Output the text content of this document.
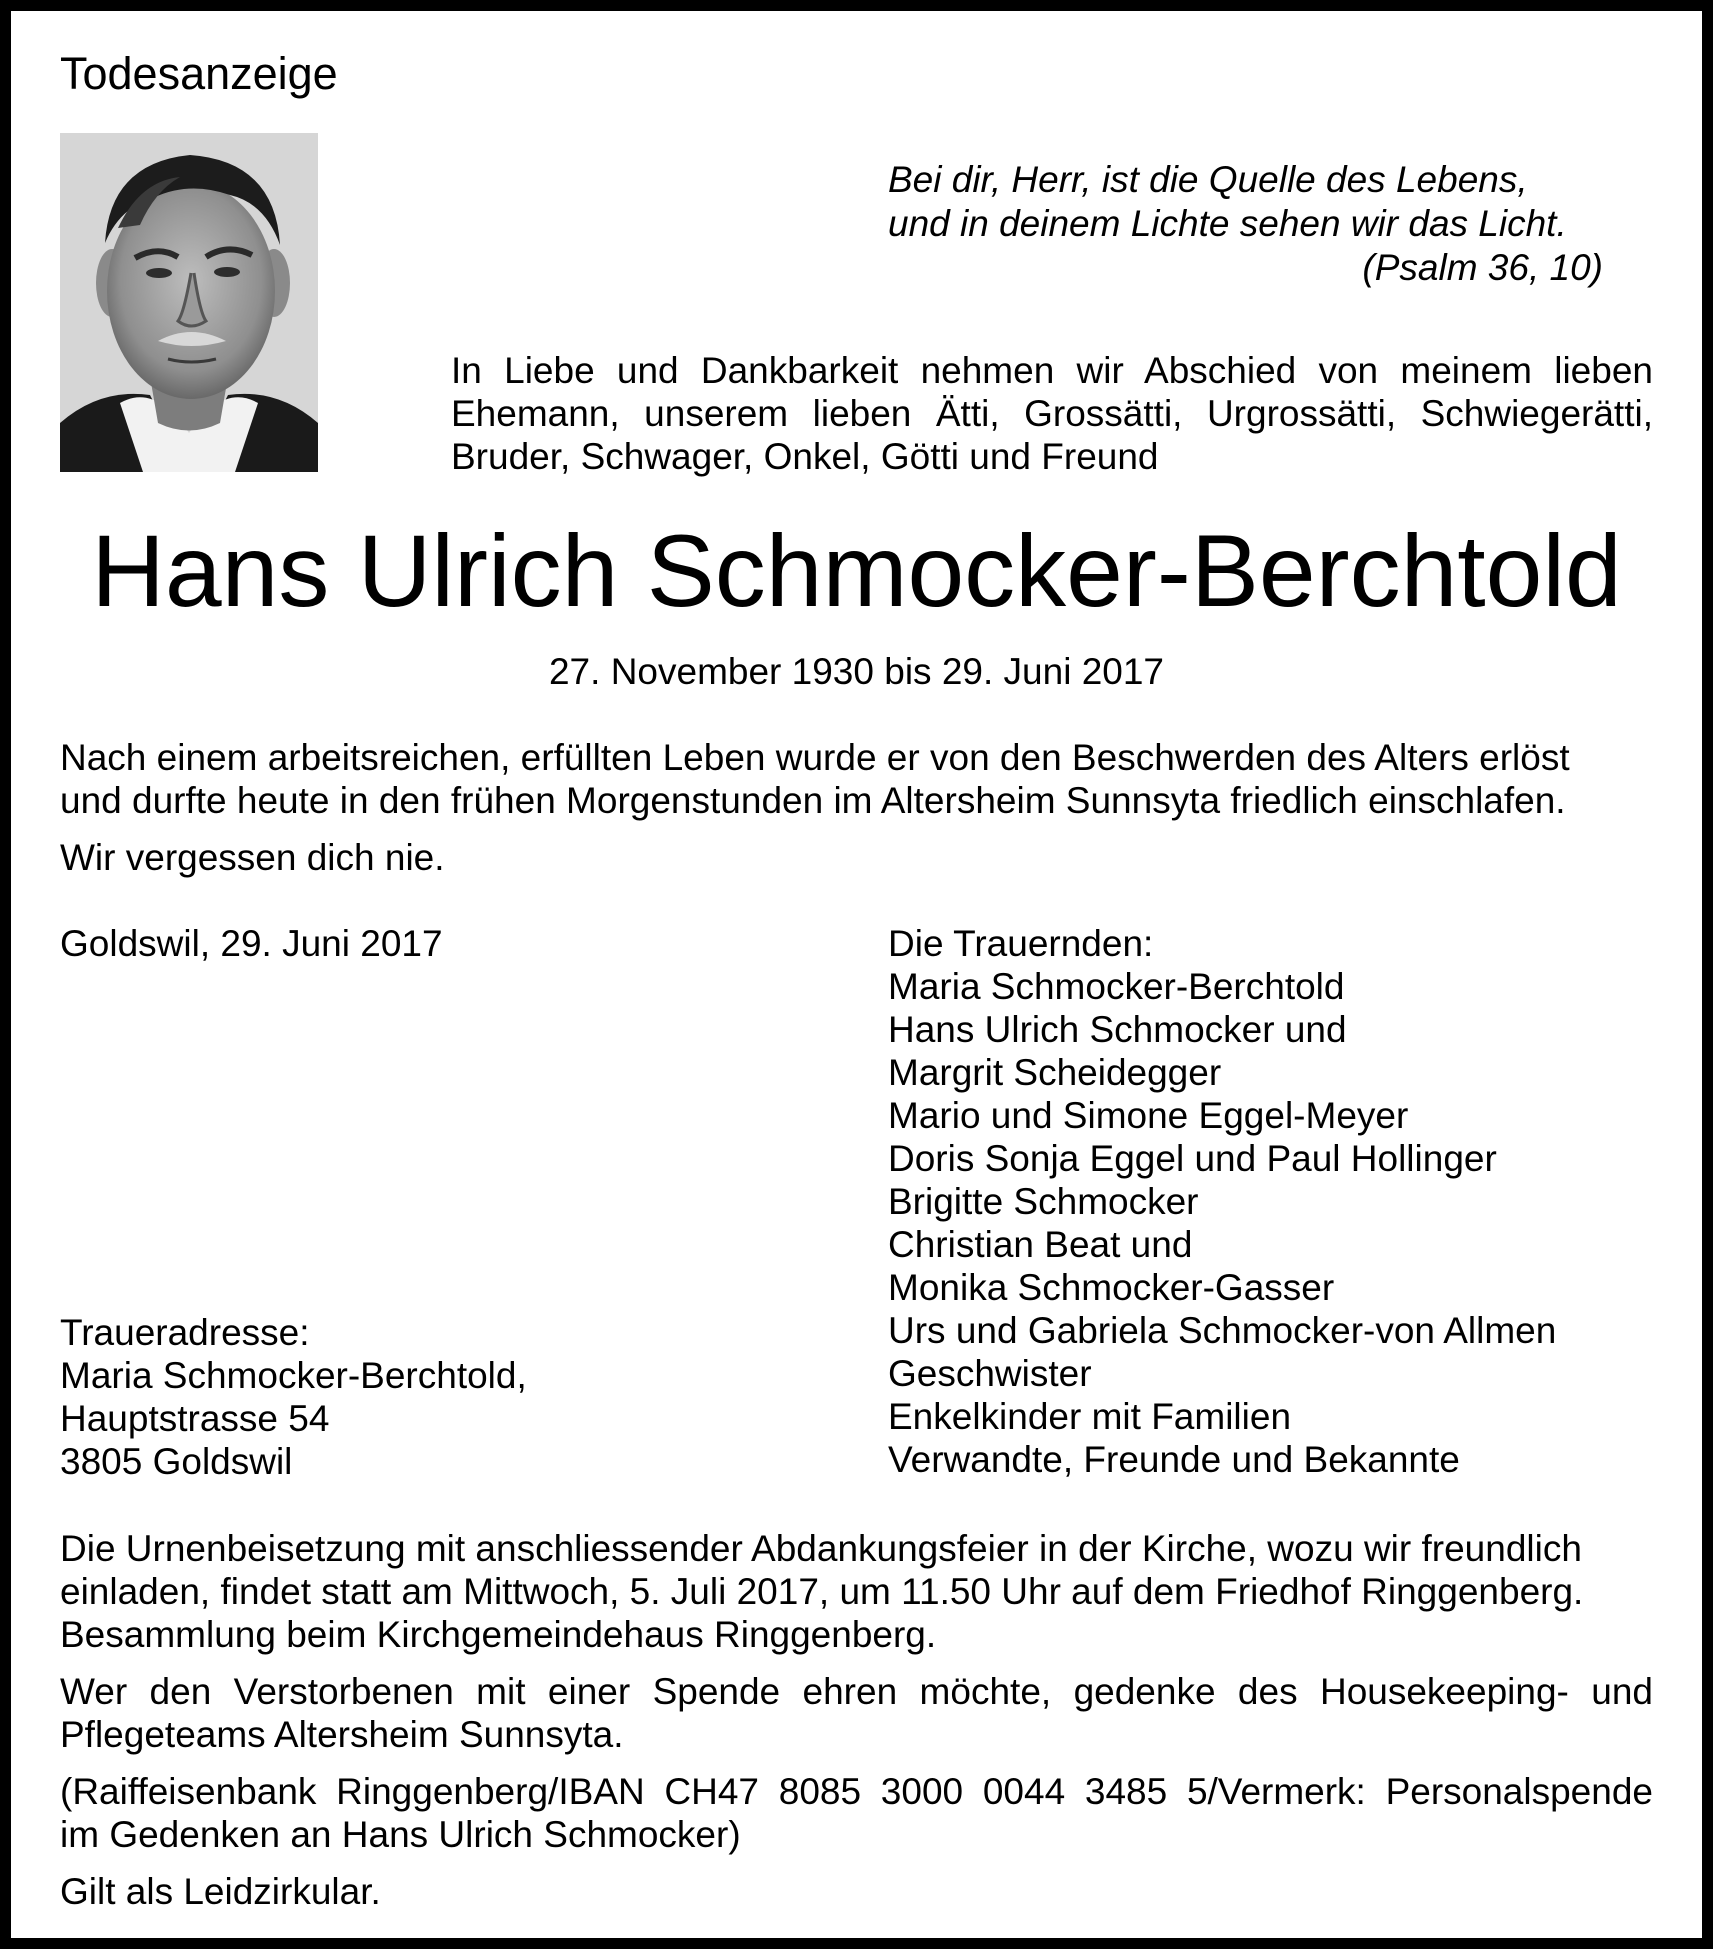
Todesanzeige
Bei dir, Herr, ist die Quelle des Lebens,
und in deinem Lichte sehen wir das Licht.
(Psalm 36, 10)
In Liebe und Dankbarkeit nehmen wir Abschied von meinem lieben
Ehemann, unserem lieben Ätti, Grossätti, Urgrossätti, Schwiegerätti,
Bruder, Schwager, Onkel, Götti und Freund
Hans Ulrich Schmocker-Berchtold
27. November 1930 bis 29. Juni 2017
Nach einem arbeitsreichen, erfüllten Leben wurde er von den Beschwerden des Alters erlöst
und durfte heute in den frühen Morgenstunden im Altersheim Sunnsyta friedlich einschlafen.
Wir vergessen dich nie.
Goldswil, 29. Juni 2017	Die Trauernden:
Maria Schmocker-Berchtold
Hans Ulrich Schmocker und
Margrit Scheidegger
Mario und Simone Eggel-Meyer
Doris Sonja Eggel und Paul Hollinger
Brigitte Schmocker
Christian Beat und
Monika Schmocker-Gasser
Urs und Gabriela Schmocker-von Allmen
Geschwister
Enkelkinder mit Familien
Verwandte, Freunde und Bekannte
Traueradresse:
Maria Schmocker-Berchtold,
Hauptstrasse 54
3805 Goldswil
Die Urnenbeisetzung mit anschliessender Abdankungsfeier in der Kirche, wozu wir freundlich
einladen, findet statt am Mittwoch, 5. Juli 2017, um 11.50 Uhr auf dem Friedhof Ringgenberg.
Besammlung beim Kirchgemeindehaus Ringgenberg.
Wer den Verstorbenen mit einer Spende ehren möchte, gedenke des Housekeeping- und
Pflegeteams Altersheim Sunnsyta.
(Raiffeisenbank Ringgenberg/IBAN CH47 8085 3000 0044 3485 5/Vermerk: Personalspende
im Gedenken an Hans Ulrich Schmocker)
Gilt als Leidzirkular.
